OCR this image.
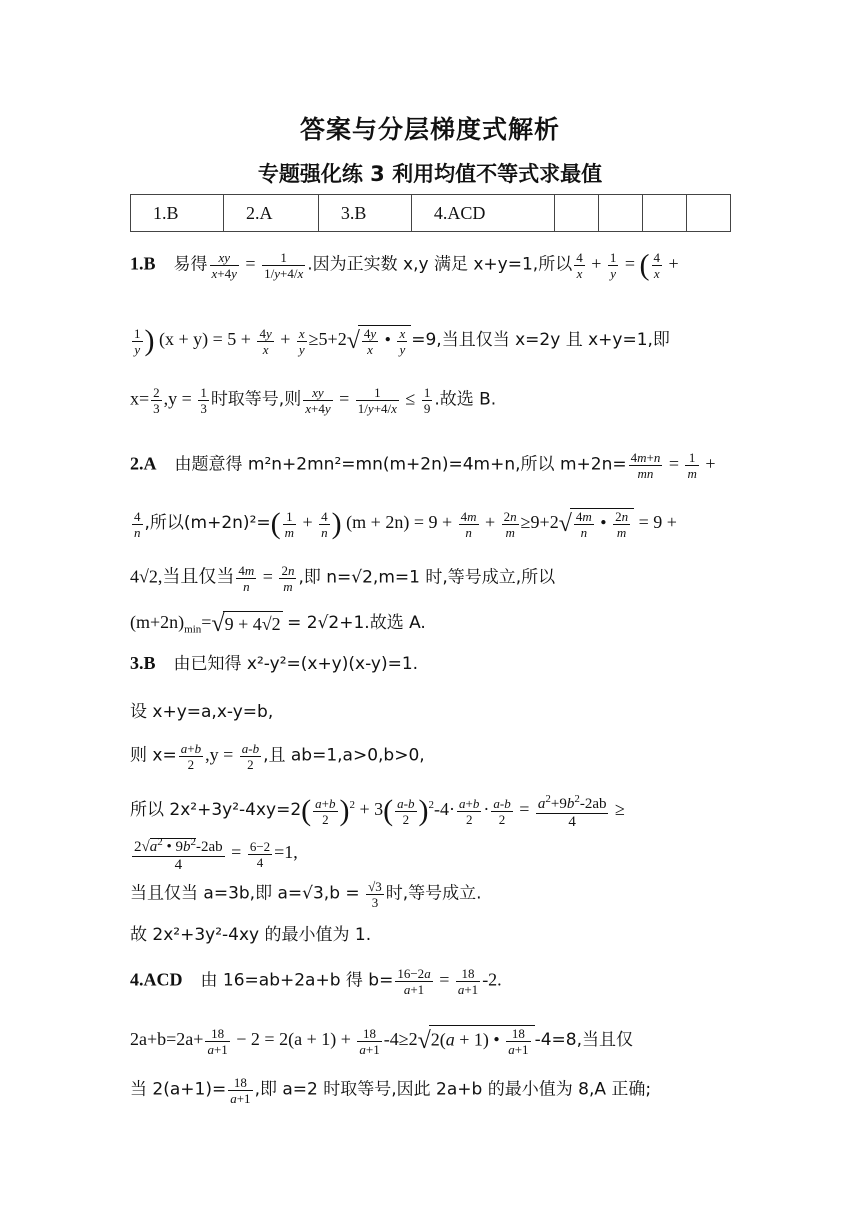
答案与分层梯度式解析
专题强化练 3 利用均值不等式求最值
1.B	2.A	3.B	4.ACD				
1.B 易得 $\frac{xy}{x+4y} = \frac{1}{1/y+4/x}$ .因为正实数 x,y 满足 x+y=1,所以 $\frac{4}{x} + \frac{1}{y}$ = ( $\frac{4}{x}$ +
$\frac{1}{y}$ ) $(x + y) = 5 + \frac{4y}{x} + \frac{x}{y} \ge 5+2√ \frac{4y}{x}$ • $\frac{x}{y} =9$,当且仅当 x=2y 且 x+y=1,即
$x= \frac{2}{3} ,y = \frac{1}{3}$ 时取等号,则 $\frac{xy}{x+4y} = \frac{1}{1/y+4/x} \le \frac{1}{9}$ .故选 B.
2.A 由题意得 m²n+2mn²=mn(m+2n)=4m+n,所以 $m+2n= \frac{4m+n}{mn} = \frac{1}{m}$ +
$\frac{4}{n}$ ,所以$(m+2n)^2=( \frac{1}{m} + \frac{4}{n}$ ) $(m + 2n) = 9 + \frac{4m}{n} + \frac{2n}{m} \ge 9+2√ \frac{4m}{n}$ • $\frac{2n}{m} = 9$ +
4√2,当且仅当 $\frac{4m}{n} = \frac{2n}{m}$ ,即 n=√2,m=1 时,等号成立,所以
$(m+2n)_{min}=√9 + 4√2 = 2√2+1$.故选 A.
3.B 由已知得 x²-y²=(x+y)(x-y)=1.
设 x+y=a,x-y=b,
则 $x= \frac{a+b}{2} ,y = \frac{a-b}{2}$ ,且 ab=1,a>0,b>0,
所以 $2x^2+3y^2-4xy=2( \frac{a+b}{2} )^2 + 3( \frac{a-b}{2} )^2-4\cdot \frac{a+b}{2} \cdot \frac{a-b}{2} = \frac{a^2+9b^2-2ab}{4}$ ≥
$\frac{2√a^2 • 9b^2-2ab}{4} = \frac{6-2}{4} =1$,
当且仅当 a=3b,即 $a=√3,b = \frac{√3}{3}$ 时,等号成立.
故 2x²+3y²-4xy 的最小值为 1.
4.ACD 由 16=ab+2a+b 得 $b= \frac{16-2a}{a+1} = \frac{18}{a+1} -2$.
$2a+b=2a+ \frac{18}{a+1} - 2 = 2(a + 1) + \frac{18}{a+1} -4\ge 2√2(a + 1)$ • $\frac{18}{a+1} -4=8$,当且仅
当 $2(a+1)= \frac{18}{a+1}$ ,即 a=2 时取等号,因此 2a+b 的最小值为 8,A 正确;
